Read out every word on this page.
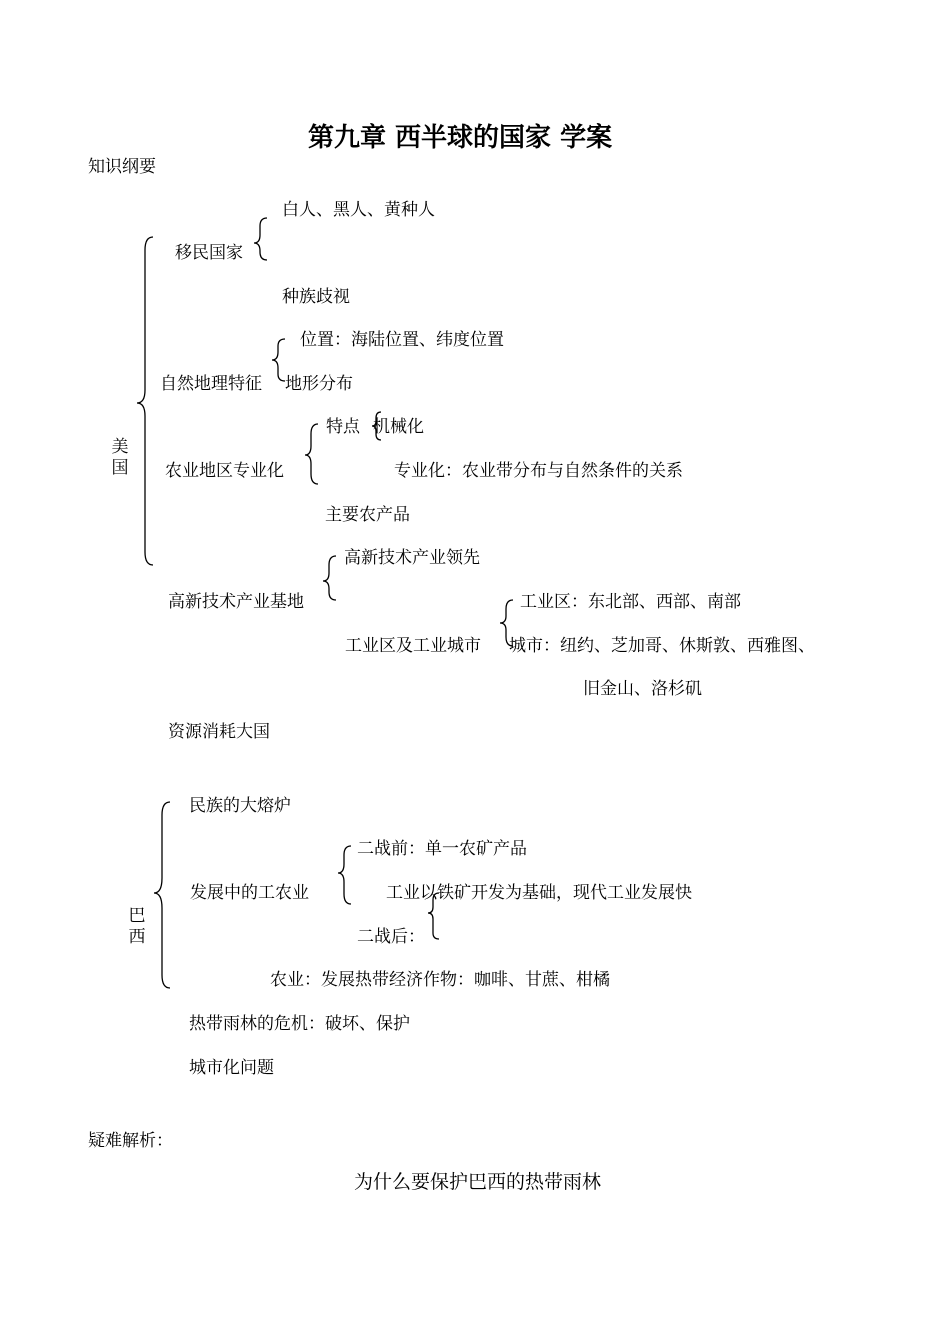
第九章 西半球的国家 学案
知识纲要
美国
移民国家
白人、黑人、黄种人
种族歧视
自然地理特征
位置：海陆位置、纬度位置
地形分布
农业地区专业化
特点 机械化
专业化：农业带分布与自然条件的关系
主要农产品
高新技术产业基地
高新技术产业领先
工业区及工业城市
工业区：东北部、西部、南部
城市：纽约、芝加哥、休斯敦、西雅图、
旧金山、洛杉矶
资源消耗大国
巴西
民族的大熔炉
发展中的工农业
二战前：单一农矿产品
工业以铁矿开发为基础，现代工业发展快
二战后：
农业：发展热带经济作物：咖啡、甘蔗、柑橘
热带雨林的危机：破坏、保护
城市化问题
疑难解析：
为什么要保护巴西的热带雨林
